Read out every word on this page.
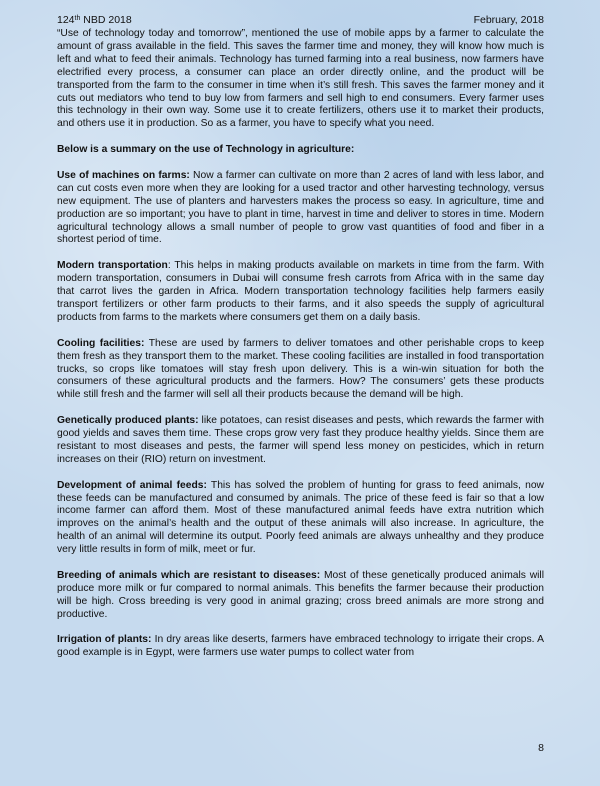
124th NBD 2018	February, 2018

“Use of technology today and tomorrow”, mentioned the use of mobile apps by a farmer to calculate the amount of grass available in the field. This saves the farmer time and money, they will know how much is left and what to feed their animals. Technology has turned farming into a real business, now farmers have electrified every process, a consumer can place an order directly online, and the product will be transported from the farm to the consumer in time when it’s still fresh. This saves the farmer money and it cuts out mediators who tend to buy low from farmers and sell high to end consumers. Every farmer uses this technology in their own way. Some use it to create fertilizers, others use it to market their products, and others use it in production. So as a farmer, you have to specify what you need.

Below is a summary on the use of Technology in agriculture:

Use of machines on farms: Now a farmer can cultivate on more than 2 acres of land with less labor, and can cut costs even more when they are looking for a used tractor and other harvesting technology, versus new equipment. The use of planters and harvesters makes the process so easy. In agriculture, time and production are so important; you have to plant in time, harvest in time and deliver to stores in time. Modern agricultural technology allows a small number of people to grow vast quantities of food and fiber in a shortest period of time.

Modern transportation: This helps in making products available on markets in time from the farm. With modern transportation, consumers in Dubai will consume fresh carrots from Africa with in the same day that carrot lives the garden in Africa. Modern transportation technology facilities help farmers easily transport fertilizers or other farm products to their farms, and it also speeds the supply of agricultural products from farms to the markets where consumers get them on a daily basis.

Cooling facilities: These are used by farmers to deliver tomatoes and other perishable crops to keep them fresh as they transport them to the market. These cooling facilities are installed in food transportation trucks, so crops like tomatoes will stay fresh upon delivery. This is a win-win situation for both the consumers of these agricultural products and the farmers. How? The consumers’ gets these products while still fresh and the farmer will sell all their products because the demand will be high.

Genetically produced plants: like potatoes, can resist diseases and pests, which rewards the farmer with good yields and saves them time. These crops grow very fast they produce healthy yields. Since them are resistant to most diseases and pests, the farmer will spend less money on pesticides, which in return increases on their (RIO) return on investment.

Development of animal feeds: This has solved the problem of hunting for grass to feed animals, now these feeds can be manufactured and consumed by animals. The price of these feed is fair so that a low income farmer can afford them. Most of these manufactured animal feeds have extra nutrition which improves on the animal’s health and the output of these animals will also increase. In agriculture, the health of an animal will determine its output. Poorly feed animals are always unhealthy and they produce very little results in form of milk, meet or fur.

Breeding of animals which are resistant to diseases: Most of these genetically produced animals will produce more milk or fur compared to normal animals. This benefits the farmer because their production will be high. Cross breeding is very good in animal grazing; cross breed animals are more strong and productive.

Irrigation of plants: In dry areas like deserts, farmers have embraced technology to irrigate their crops. A good example is in Egypt, were farmers use water pumps to collect water from

8
